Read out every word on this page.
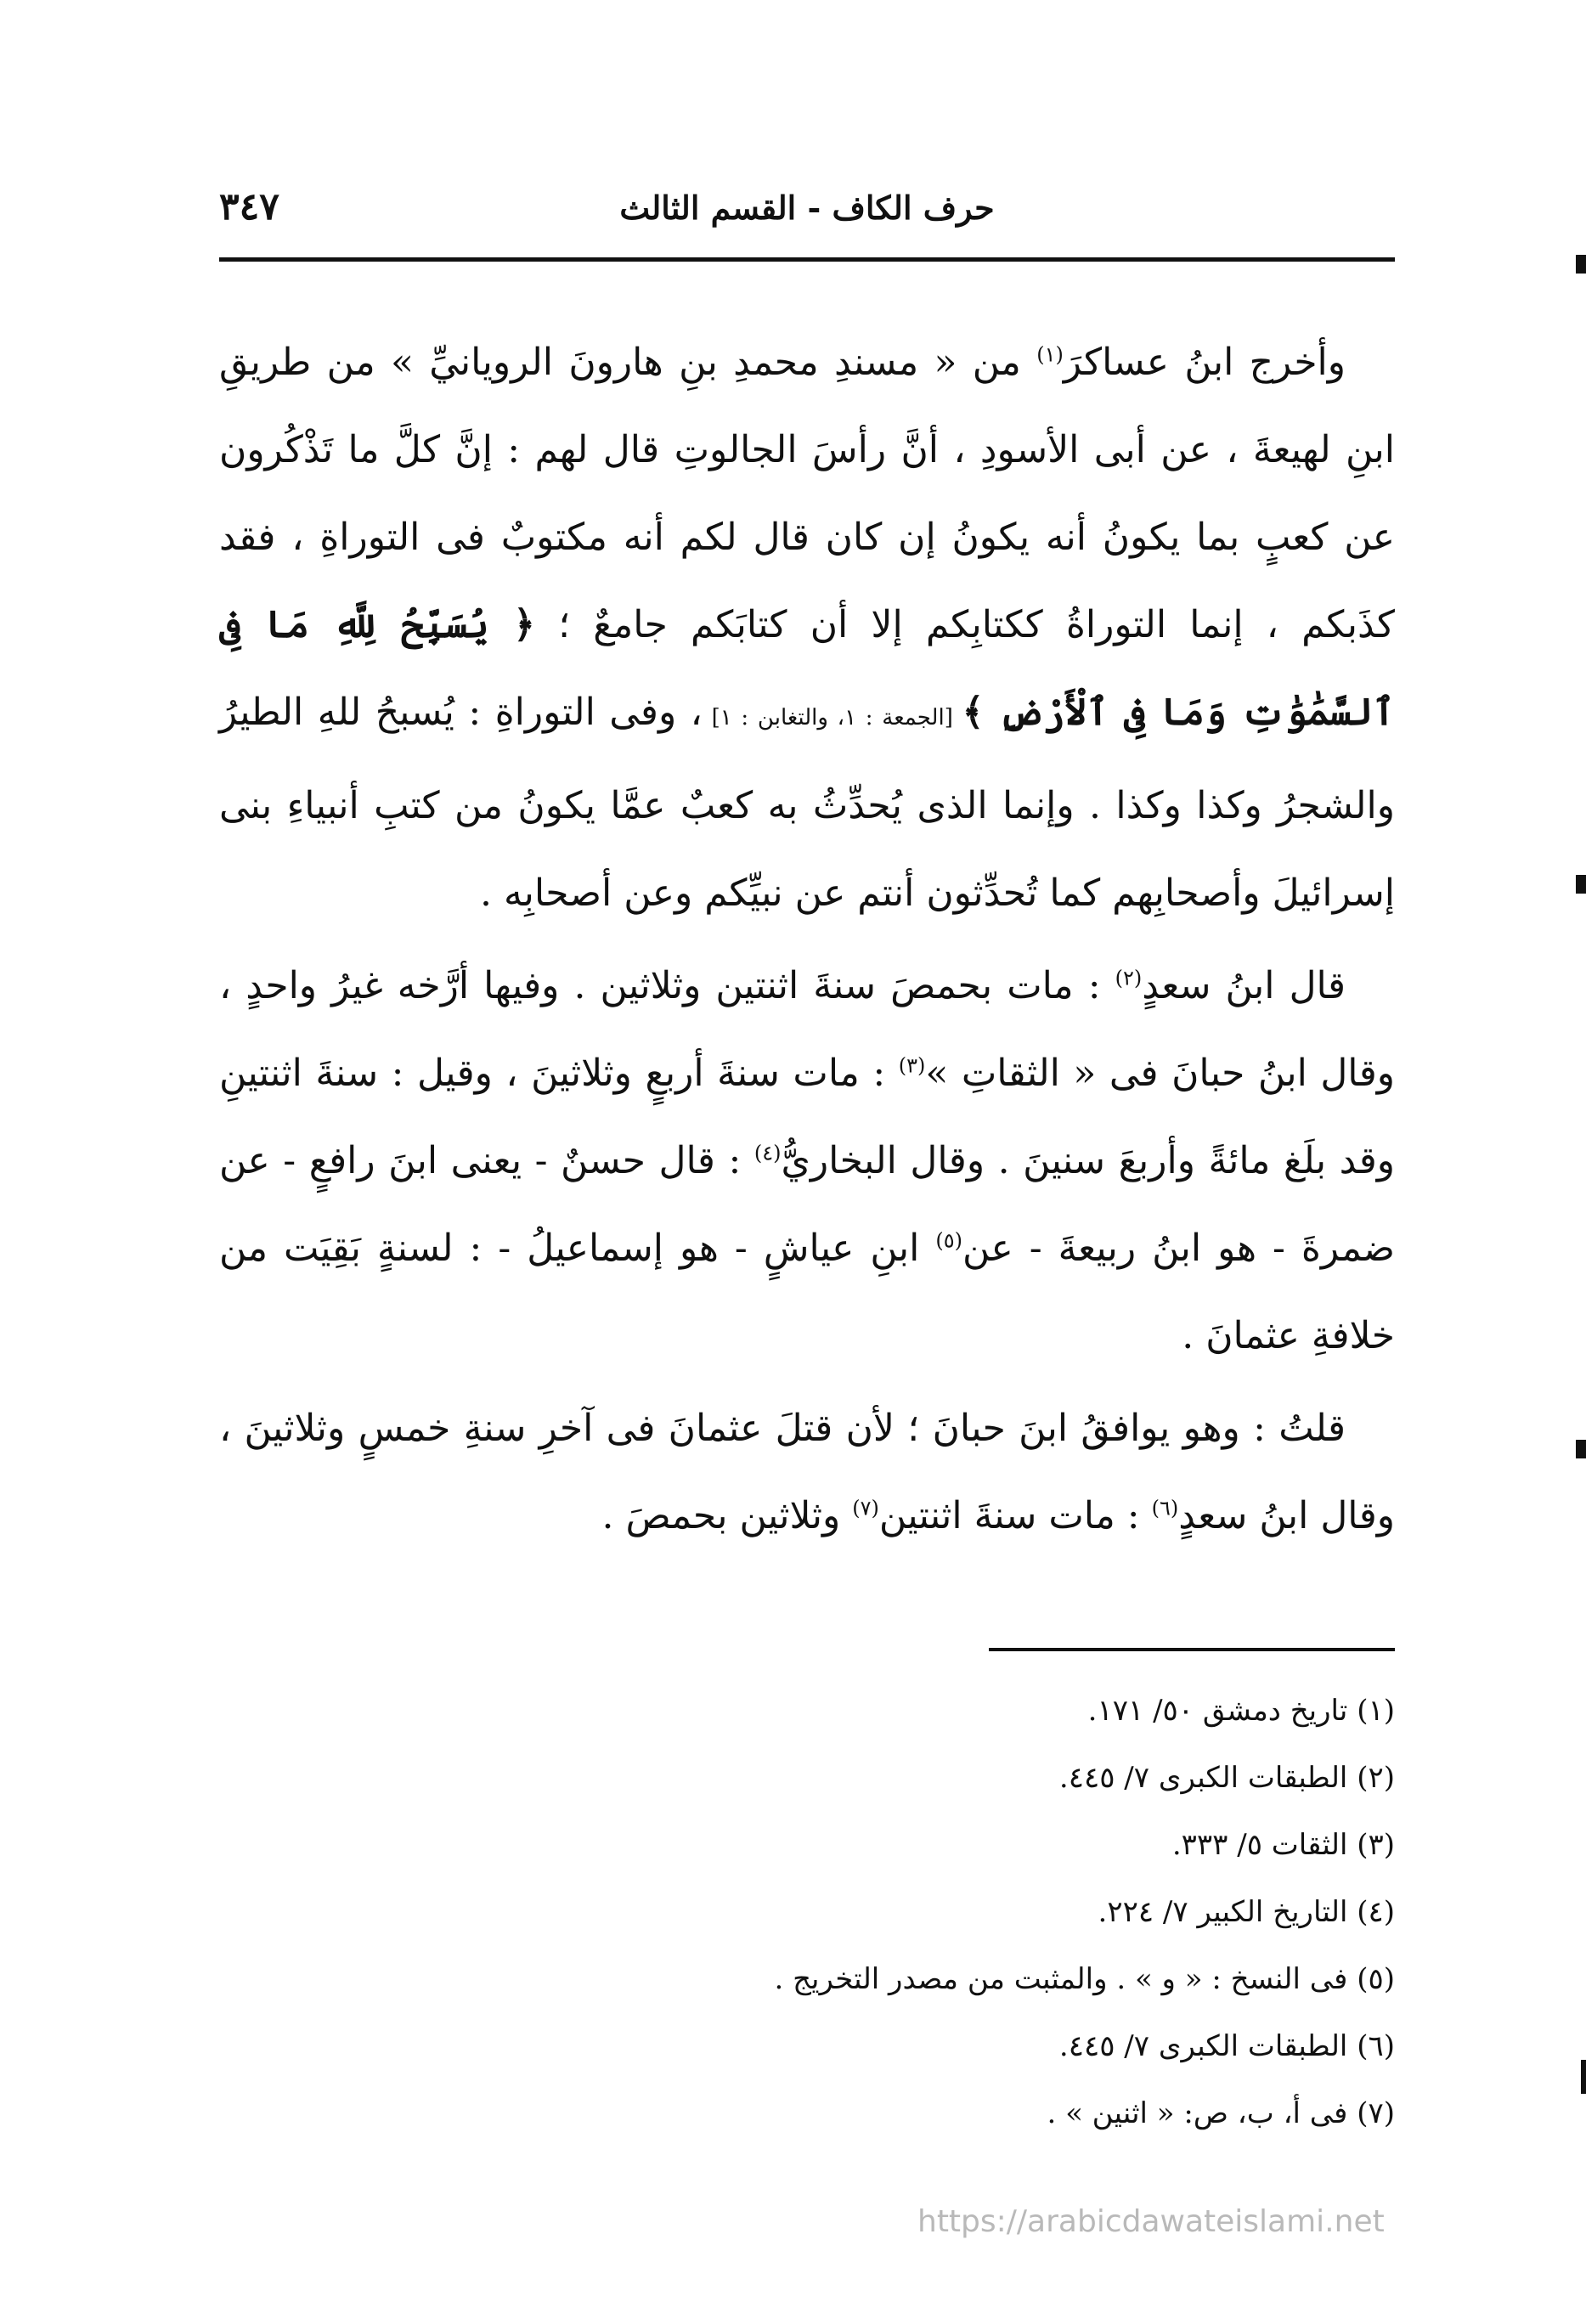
٣٤٧	حرف الكاف - القسم الثالث

وأخرج ابنُ عساكرَ$^{(١)}$ من « مسندِ محمدِ بنِ هارونَ الرويانيِّ » من طريقِ ابنِ لهيعةَ ، عن أبى الأسودِ ، أنَّ رأسَ الجالوتِ قال لهم : إنَّ كلَّ ما تَذْكُرون عن كعبٍ بما يكونُ أنه يكونُ إن كان قال لكم أنه مكتوبٌ فى التوراةِ ، فقد كذَبكم ، إنما التوراةُ ككتابِكم إلا أن كتابَكم جامعٌ ؛ ﴿ يُسَبِّحُ لِلَّهِ مَا فِى ٱلسَّمَٰوَٰتِ وَمَا فِى ٱلْأَرْضِ ﴾ [الجمعة : ١، والتغابن : ١] ، وفى التوراةِ : يُسبحُ للهِ الطيرُ والشجرُ وكذا وكذا . وإنما الذى يُحدِّثُ به كعبٌ عمَّا يكونُ من كتبِ أنبياءِ بنى إسرائيلَ وأصحابِهم كما تُحدِّثون أنتم عن نبيِّكم وعن أصحابِه .

قال ابنُ سعدٍ$^{(٢)}$ : مات بحمصَ سنةَ اثنتين وثلاثين . وفيها أرَّخه غيرُ واحدٍ ، وقال ابنُ حبانَ فى « الثقاتِ »$^{(٣)}$ : مات سنةَ أربعٍ وثلاثينَ ، وقيل : سنةَ اثنتينِ وقد بلَغ مائةً وأربعَ سنينَ . وقال البخاريُّ$^{(٤)}$ : قال حسنٌ - يعنى ابنَ رافعٍ - عن ضمرةَ - هو ابنُ ربيعةَ - عن$^{(٥)}$ ابنِ عياشٍ - هو إسماعيلُ - : لسنةٍ بَقِيَت من خلافةِ عثمانَ .

قلتُ : وهو يوافقُ ابنَ حبانَ ؛ لأن قتلَ عثمانَ فى آخرِ سنةِ خمسٍ وثلاثينَ ، وقال ابنُ سعدٍ$^{(٦)}$ : مات سنةَ اثنتين$^{(٧)}$ وثلاثين بحمصَ .

(١) تاريخ دمشق ٥٠/ ١٧١.
(٢) الطبقات الكبرى ٧/ ٤٤٥.
(٣) الثقات ٥/ ٣٣٣.
(٤) التاريخ الكبير ٧/ ٢٢٤.
(٥) فى النسخ : « و » . والمثبت من مصدر التخريج .
(٦) الطبقات الكبرى ٧/ ٤٤٥.
(٧) فى أ، ب، ص: « اثنين » .
https://arabicdawateislami.net
